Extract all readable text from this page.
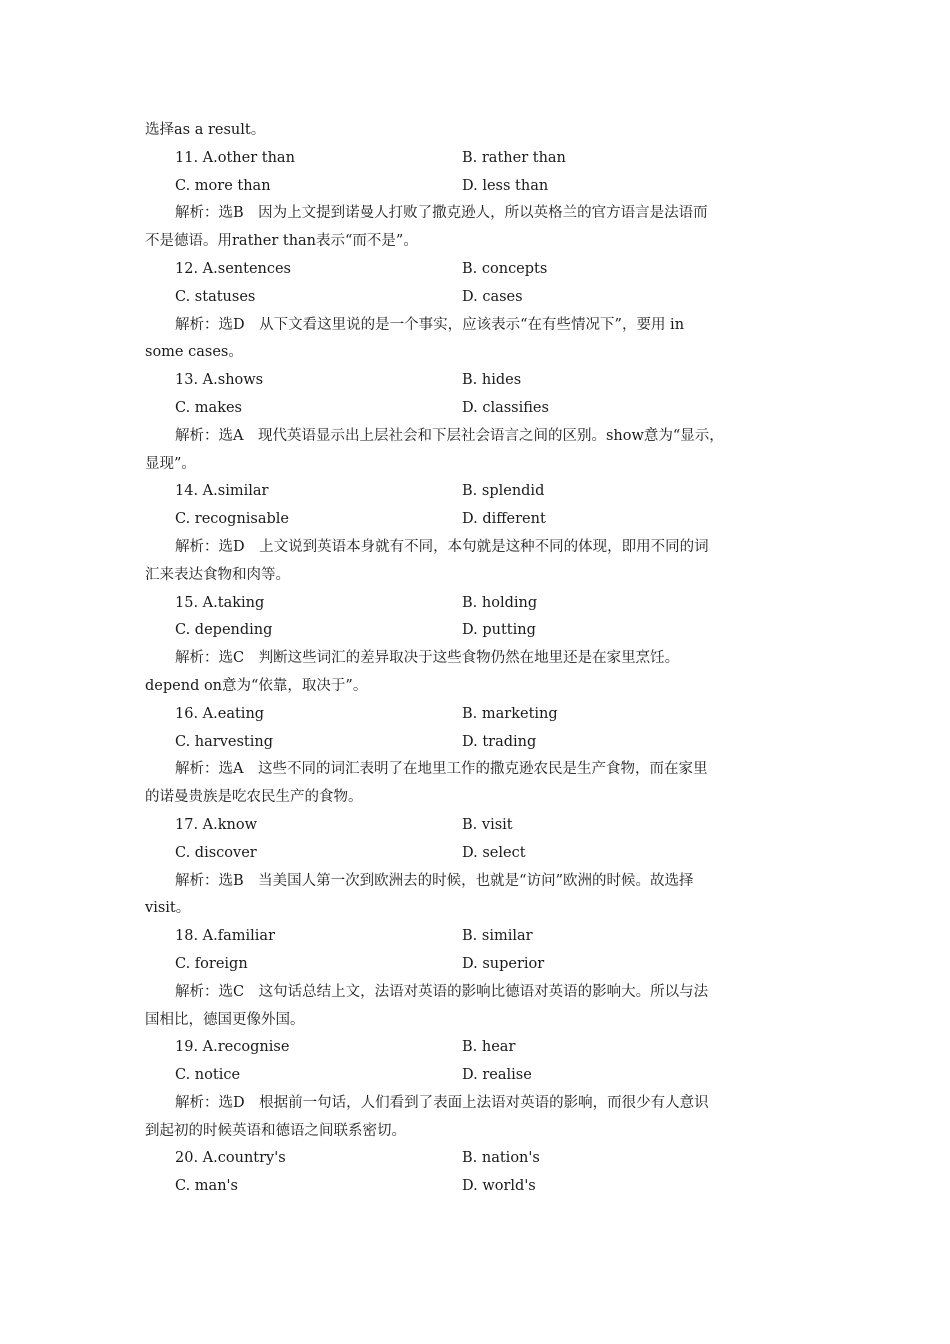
选择as a result。
11. A.other than	B. rather than
C. more than	D. less than
解析：选B　因为上文提到诺曼人打败了撒克逊人，所以英格兰的官方语言是法语而
不是德语。用rather than表示“而不是”。
12. A.sentences	B. concepts
C. statuses	D. cases
解析：选D　从下文看这里说的是一个事实，应该表示“在有些情况下”，要用 in
some cases。
13. A.shows	B. hides
C. makes	D. classifies
解析：选A　现代英语显示出上层社会和下层社会语言之间的区别。show意为“显示，
显现”。
14. A.similar	B. splendid
C. recognisable	D. different
解析：选D　上文说到英语本身就有不同，本句就是这种不同的体现，即用不同的词
汇来表达食物和肉等。
15. A.taking	B. holding
C. depending	D. putting
解析：选C　判断这些词汇的差异取决于这些食物仍然在地里还是在家里烹饪。
depend on意为“依靠，取决于”。
16. A.eating	B. marketing
C. harvesting	D. trading
解析：选A　这些不同的词汇表明了在地里工作的撒克逊农民是生产食物，而在家里
的诺曼贵族是吃农民生产的食物。
17. A.know	B. visit
C. discover	D. select
解析：选B　当美国人第一次到欧洲去的时候，也就是“访问”欧洲的时候。故选择
visit。
18. A.familiar	B. similar
C. foreign	D. superior
解析：选C　这句话总结上文，法语对英语的影响比德语对英语的影响大。所以与法
国相比，德国更像外国。
19. A.recognise	B. hear
C. notice	D. realise
解析：选D　根据前一句话，人们看到了表面上法语对英语的影响，而很少有人意识
到起初的时候英语和德语之间联系密切。
20. A.country's	B. nation's
C. man's	D. world's
